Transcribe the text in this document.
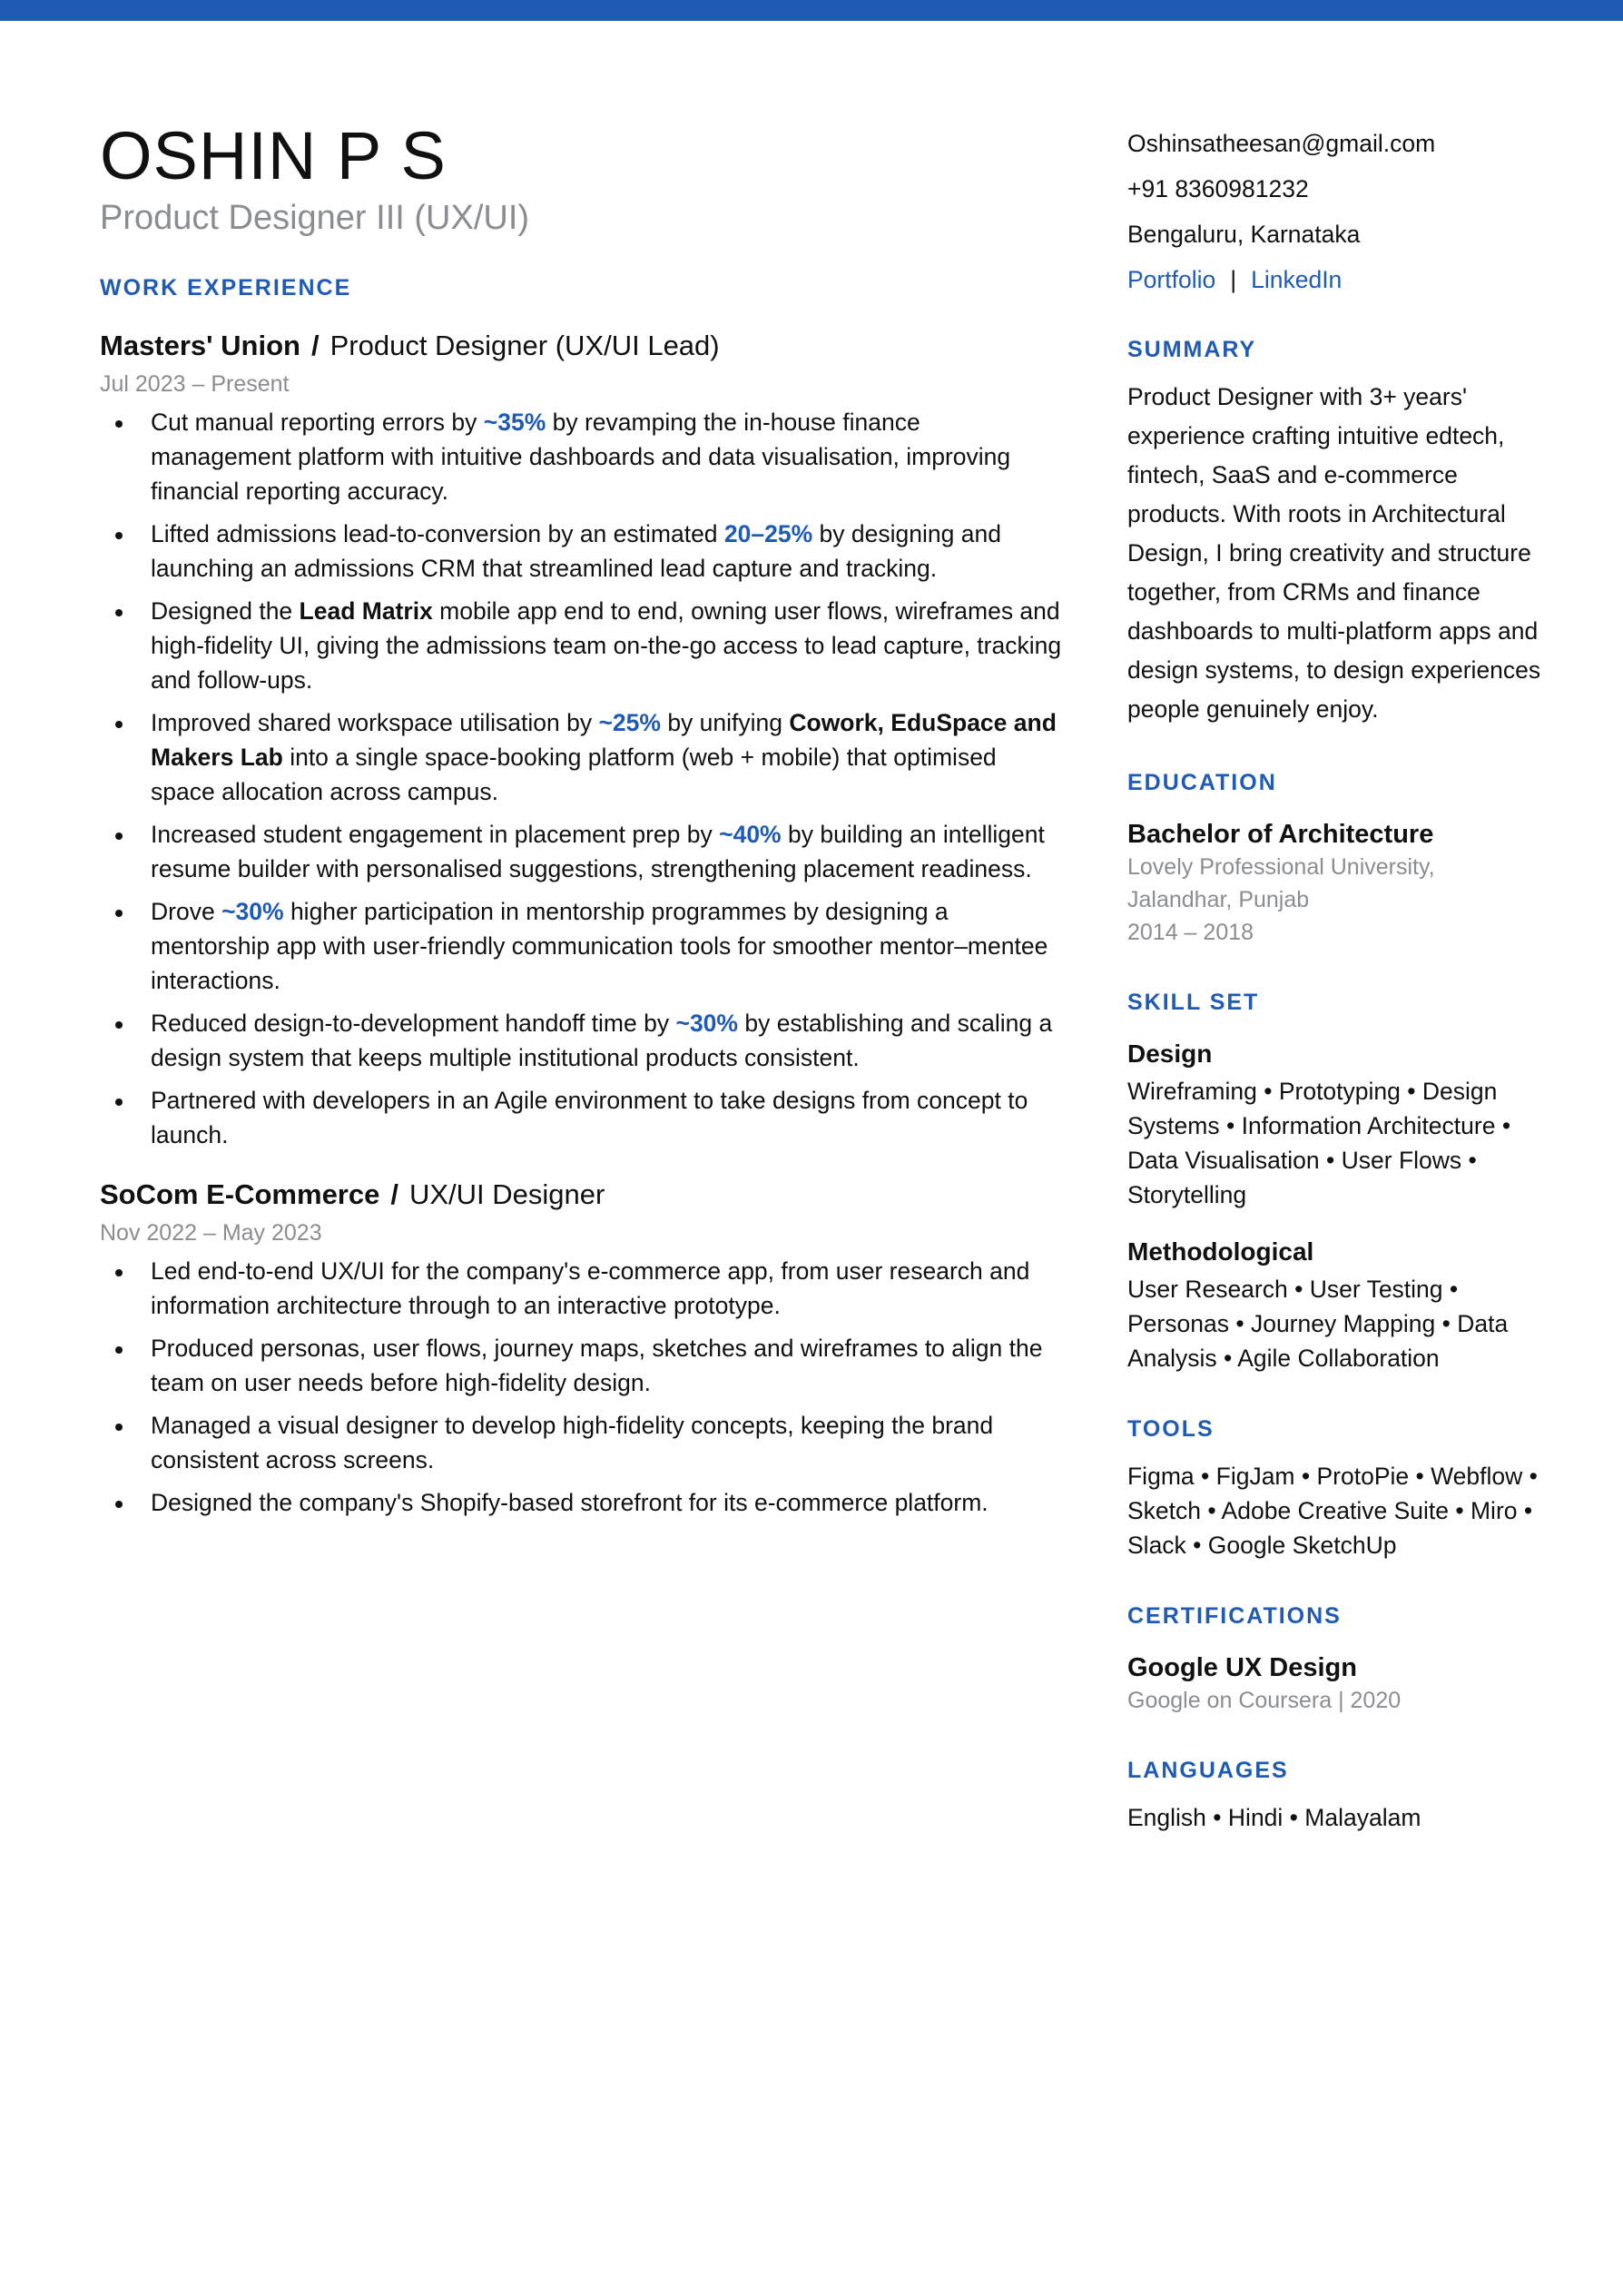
OSHIN P S
Product Designer III (UX/UI)
WORK EXPERIENCE
Masters' Union / Product Designer (UX/UI Lead)
Jul 2023 – Present
Cut manual reporting errors by ~35% by revamping the in-house finance management platform with intuitive dashboards and data visualisation, improving financial reporting accuracy.
Lifted admissions lead-to-conversion by an estimated 20–25% by designing and launching an admissions CRM that streamlined lead capture and tracking.
Designed the Lead Matrix mobile app end to end, owning user flows, wireframes and high-fidelity UI, giving the admissions team on-the-go access to lead capture, tracking and follow-ups.
Improved shared workspace utilisation by ~25% by unifying Cowork, EduSpace and Makers Lab into a single space-booking platform (web + mobile) that optimised space allocation across campus.
Increased student engagement in placement prep by ~40% by building an intelligent resume builder with personalised suggestions, strengthening placement readiness.
Drove ~30% higher participation in mentorship programmes by designing a mentorship app with user-friendly communication tools for smoother mentor–mentee interactions.
Reduced design-to-development handoff time by ~30% by establishing and scaling a design system that keeps multiple institutional products consistent.
Partnered with developers in an Agile environment to take designs from concept to launch.
SoCom E-Commerce / UX/UI Designer
Nov 2022 – May 2023
Led end-to-end UX/UI for the company's e-commerce app, from user research and information architecture through to an interactive prototype.
Produced personas, user flows, journey maps, sketches and wireframes to align the team on user needs before high-fidelity design.
Managed a visual designer to develop high-fidelity concepts, keeping the brand consistent across screens.
Designed the company's Shopify-based storefront for its e-commerce platform.
Oshinsatheesan@gmail.com
+91 8360981232
Bengaluru, Karnataka
Portfolio | LinkedIn
SUMMARY
Product Designer with 3+ years' experience crafting intuitive edtech, fintech, SaaS and e-commerce products. With roots in Architectural Design, I bring creativity and structure together, from CRMs and finance dashboards to multi-platform apps and design systems, to design experiences people genuinely enjoy.
EDUCATION
Bachelor of Architecture
Lovely Professional University, Jalandhar, Punjab
2014 – 2018
SKILL SET
Design
Wireframing • Prototyping • Design Systems • Information Architecture • Data Visualisation • User Flows • Storytelling
Methodological
User Research • User Testing • Personas • Journey Mapping • Data Analysis • Agile Collaboration
TOOLS
Figma • FigJam • ProtoPie • Webflow • Sketch • Adobe Creative Suite • Miro • Slack • Google SketchUp
CERTIFICATIONS
Google UX Design
Google on Coursera | 2020
LANGUAGES
English • Hindi • Malayalam
